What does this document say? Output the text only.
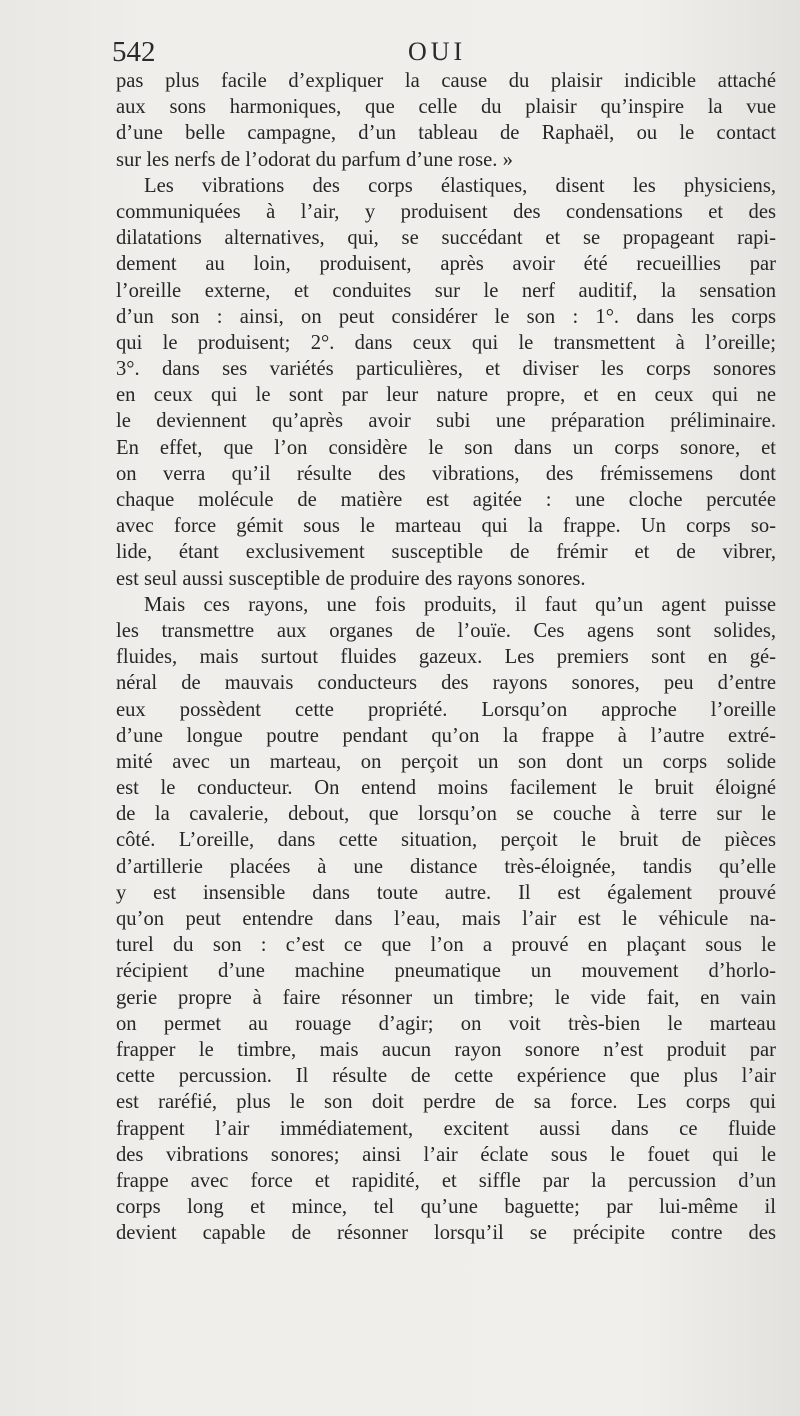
542	OUI
pas plus facile d’expliquer la cause du plaisir indicible attaché
aux sons harmoniques, que celle du plaisir qu’inspire la vue
d’une belle campagne, d’un tableau de Raphaël, ou le contact
sur les nerfs de l’odorat du parfum d’une rose. »
Les vibrations des corps élastiques, disent les physiciens,
communiquées à l’air, y produisent des condensations et des
dilatations alternatives, qui, se succédant et se propageant rapi-
dement au loin, produisent, après avoir été recueillies par
l’oreille externe, et conduites sur le nerf auditif, la sensation
d’un son : ainsi, on peut considérer le son : 1°. dans les corps
qui le produisent; 2°. dans ceux qui le transmettent à l’oreille;
3°. dans ses variétés particulières, et diviser les corps sonores
en ceux qui le sont par leur nature propre, et en ceux qui ne
le deviennent qu’après avoir subi une préparation préliminaire.
En effet, que l’on considère le son dans un corps sonore, et
on verra qu’il résulte des vibrations, des frémissemens dont
chaque molécule de matière est agitée : une cloche percutée
avec force gémit sous le marteau qui la frappe. Un corps so-
lide, étant exclusivement susceptible de frémir et de vibrer,
est seul aussi susceptible de produire des rayons sonores.
Mais ces rayons, une fois produits, il faut qu’un agent puisse
les transmettre aux organes de l’ouïe. Ces agens sont solides,
fluides, mais surtout fluides gazeux. Les premiers sont en gé-
néral de mauvais conducteurs des rayons sonores, peu d’entre
eux possèdent cette propriété. Lorsqu’on approche l’oreille
d’une longue poutre pendant qu’on la frappe à l’autre extré-
mité avec un marteau, on perçoit un son dont un corps solide
est le conducteur. On entend moins facilement le bruit éloigné
de la cavalerie, debout, que lorsqu’on se couche à terre sur le
côté. L’oreille, dans cette situation, perçoit le bruit de pièces
d’artillerie placées à une distance très-éloignée, tandis qu’elle
y est insensible dans toute autre. Il est également prouvé
qu’on peut entendre dans l’eau, mais l’air est le véhicule na-
turel du son : c’est ce que l’on a prouvé en plaçant sous le
récipient d’une machine pneumatique un mouvement d’horlo-
gerie propre à faire résonner un timbre; le vide fait, en vain
on permet au rouage d’agir; on voit très-bien le marteau
frapper le timbre, mais aucun rayon sonore n’est produit par
cette percussion. Il résulte de cette expérience que plus l’air
est raréfié, plus le son doit perdre de sa force. Les corps qui
frappent l’air immédiatement, excitent aussi dans ce fluide
des vibrations sonores; ainsi l’air éclate sous le fouet qui le
frappe avec force et rapidité, et siffle par la percussion d’un
corps long et mince, tel qu’une baguette; par lui-même il
devient capable de résonner lorsqu’il se précipite contre des
